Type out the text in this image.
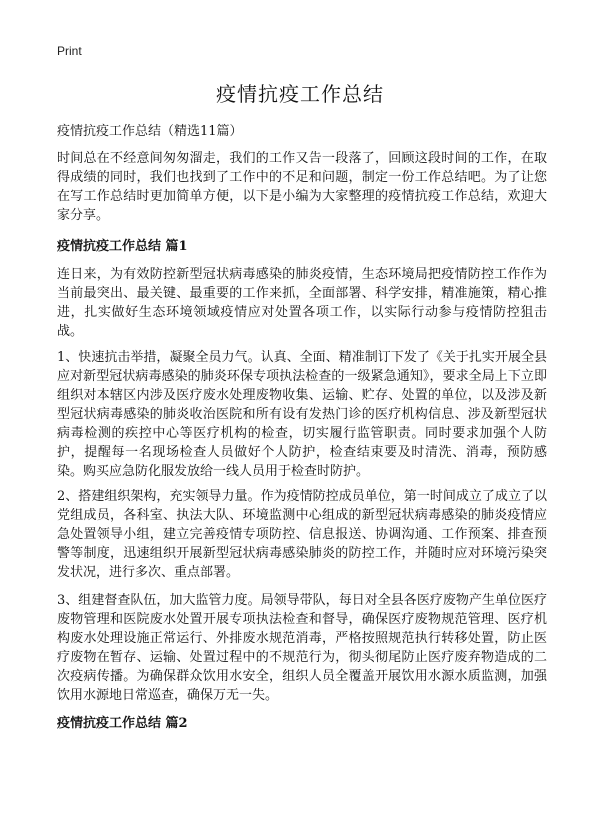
Print
疫情抗疫工作总结
疫情抗疫工作总结（精选11篇）
时间总在不经意间匆匆溜走，我们的工作又告一段落了，回顾这段时间的工作，在取得成绩的同时，我们也找到了工作中的不足和问题，制定一份工作总结吧。为了让您在写工作总结时更加简单方便，以下是小编为大家整理的疫情抗疫工作总结，欢迎大家分享。
疫情抗疫工作总结 篇1
连日来，为有效防控新型冠状病毒感染的肺炎疫情，生态环境局把疫情防控工作作为当前最突出、最关键、最重要的工作来抓，全面部署、科学安排，精准施策，精心推进，扎实做好生态环境领域疫情应对处置各项工作，以实际行动参与疫情防控狙击战。
1、快速抗击举措，凝聚全员力气。认真、全面、精准制订下发了《关于扎实开展全县应对新型冠状病毒感染的肺炎环保专项执法检查的一级紧急通知》，要求全局上下立即组织对本辖区内涉及医疗废水处理废物收集、运输、贮存、处置的单位，以及涉及新型冠状病毒感染的肺炎收治医院和所有设有发热门诊的医疗机构信息、涉及新型冠状病毒检测的疾控中心等医疗机构的检查，切实履行监管职责。同时要求加强个人防护，提醒每一名现场检查人员做好个人防护，检查结束要及时清洗、消毒，预防感染。购买应急防化服发放给一线人员用于检查时防护。
2、搭建组织架构，充实领导力量。作为疫情防控成员单位，第一时间成立了成立了以党组成员，各科室、执法大队、环境监测中心组成的新型冠状病毒感染的肺炎疫情应急处置领导小组，建立完善疫情专项防控、信息报送、协调沟通、工作预案、排查预警等制度，迅速组织开展新型冠状病毒感染肺炎的防控工作，并随时应对环境污染突发状况，进行多次、重点部署。
3、组建督查队伍，加大监管力度。局领导带队，每日对全县各医疗废物产生单位医疗废物管理和医院废水处置开展专项执法检查和督导，确保医疗废物规范管理、医疗机构废水处理设施正常运行、外排废水规范消毒，严格按照规范执行转移处置，防止医疗废物在暂存、运输、处置过程中的不规范行为，彻头彻尾防止医疗废弃物造成的二次疫病传播。为确保群众饮用水安全，组织人员全覆盖开展饮用水源水质监测，加强饮用水源地日常巡查，确保万无一失。
疫情抗疫工作总结 篇2
